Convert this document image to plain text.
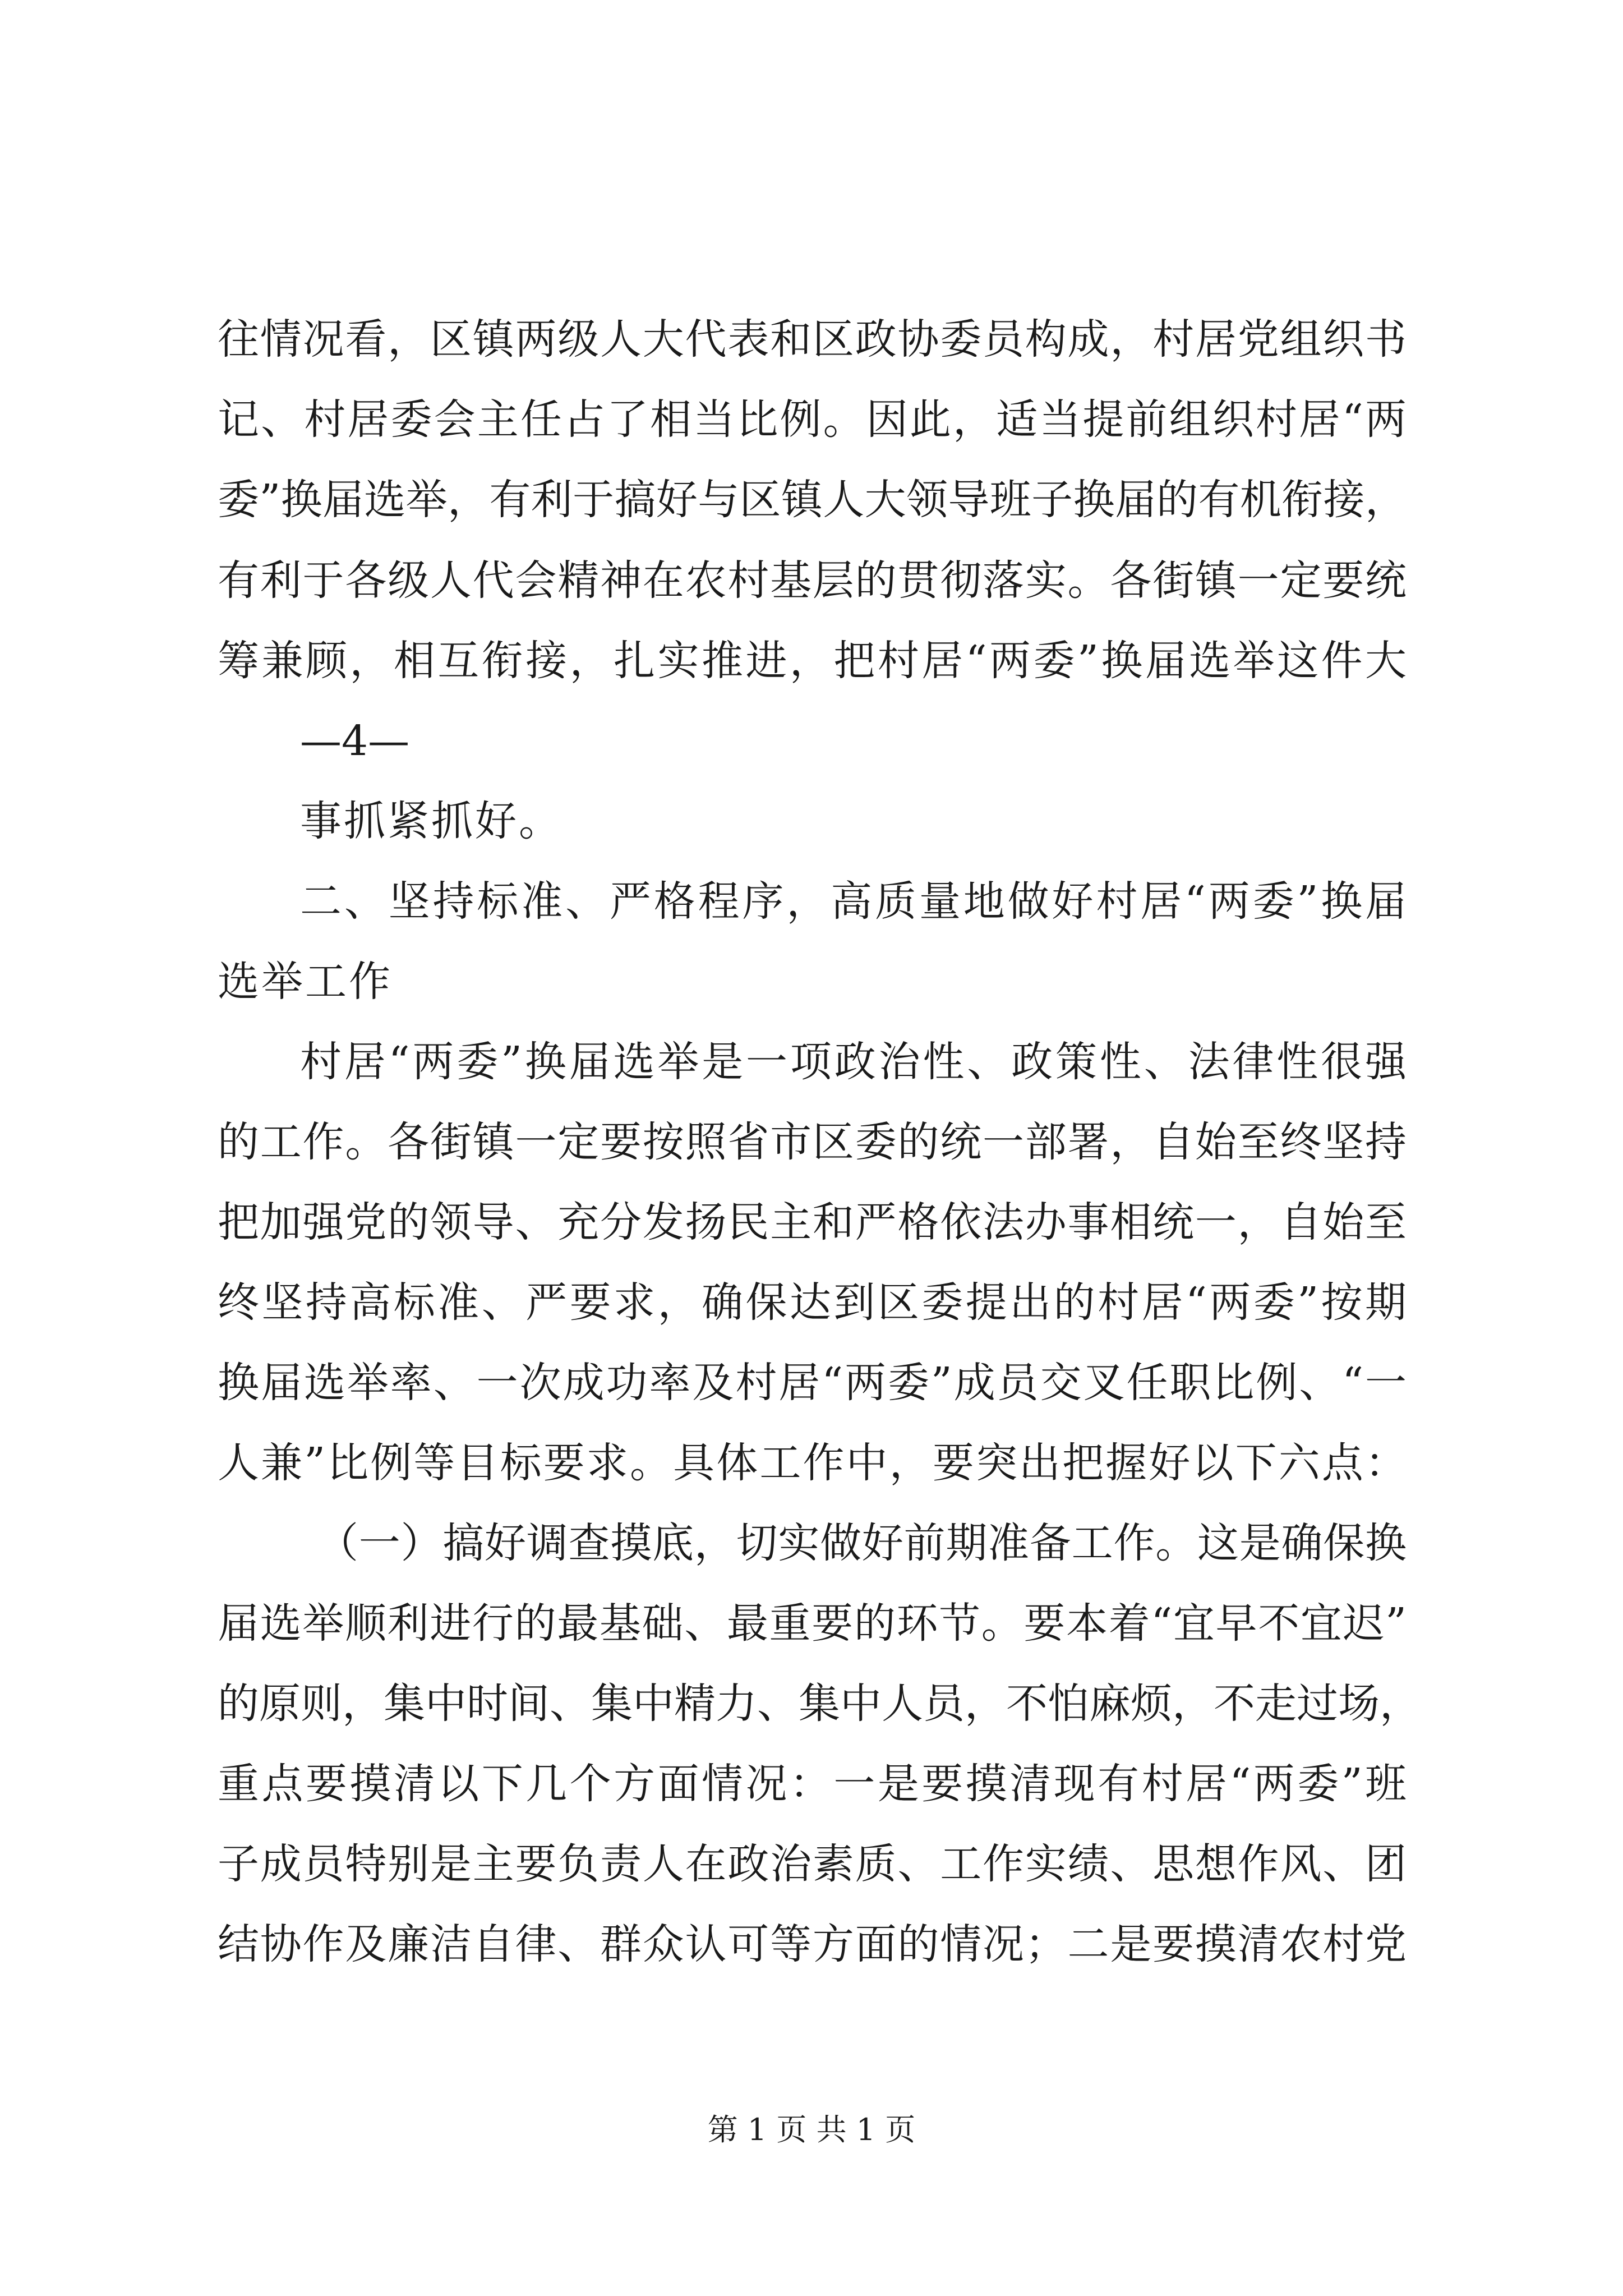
往情况看，区镇两级人大代表和区政协委员构成，村居党组织书
记、村居委会主任占了相当比例。因此，适当提前组织村居“两
委”换届选举，有利于搞好与区镇人大领导班子换届的有机衔接，
有利于各级人代会精神在农村基层的贯彻落实。各街镇一定要统
筹兼顾，相互衔接，扎实推进，把村居“两委”换届选举这件大
—4—
事抓紧抓好。
二、坚持标准、严格程序，高质量地做好村居“两委”换届
选举工作
村居“两委”换届选举是一项政治性、政策性、法律性很强
的工作。各街镇一定要按照省市区委的统一部署，自始至终坚持
把加强党的领导、充分发扬民主和严格依法办事相统一，自始至
终坚持高标准、严要求，确保达到区委提出的村居“两委”按期
换届选举率、一次成功率及村居“两委”成员交叉任职比例、“一
人兼”比例等目标要求。具体工作中，要突出把握好以下六点：
（一）搞好调查摸底，切实做好前期准备工作。这是确保换
届选举顺利进行的最基础、最重要的环节。要本着“宜早不宜迟”
的原则，集中时间、集中精力、集中人员，不怕麻烦，不走过场，
重点要摸清以下几个方面情况：一是要摸清现有村居“两委”班
子成员特别是主要负责人在政治素质、工作实绩、思想作风、团
结协作及廉洁自律、群众认可等方面的情况；二是要摸清农村党
第 1 页 共 1 页
